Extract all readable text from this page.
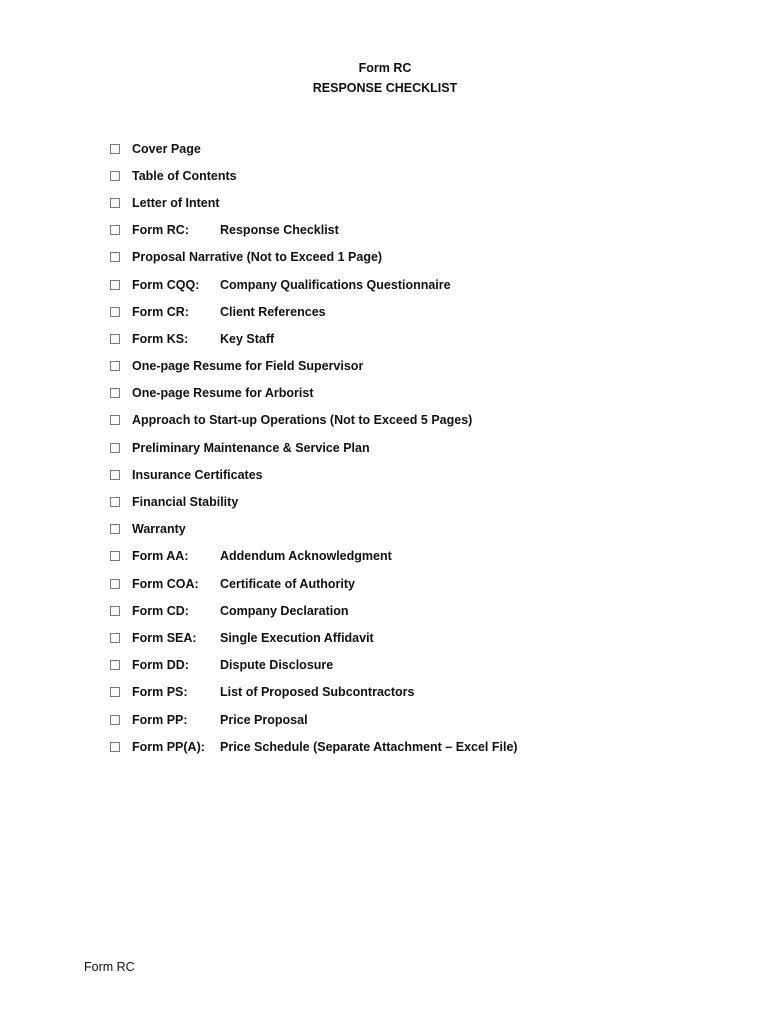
Form RC
RESPONSE CHECKLIST
Cover Page
Table of Contents
Letter of Intent
Form RC:	Response Checklist
Proposal Narrative (Not to Exceed 1 Page)
Form CQQ:	Company Qualifications Questionnaire
Form CR:	Client References
Form KS:	Key Staff
One-page Resume for Field Supervisor
One-page Resume for Arborist
Approach to Start-up Operations (Not to Exceed 5 Pages)
Preliminary Maintenance & Service Plan
Insurance Certificates
Financial Stability
Warranty
Form AA:	Addendum Acknowledgment
Form COA:	Certificate of Authority
Form CD:	Company Declaration
Form SEA:	Single Execution Affidavit
Form DD:	Dispute Disclosure
Form PS:	List of Proposed Subcontractors
Form PP:	Price Proposal
Form PP(A):	Price Schedule (Separate Attachment – Excel File)
Form RC
